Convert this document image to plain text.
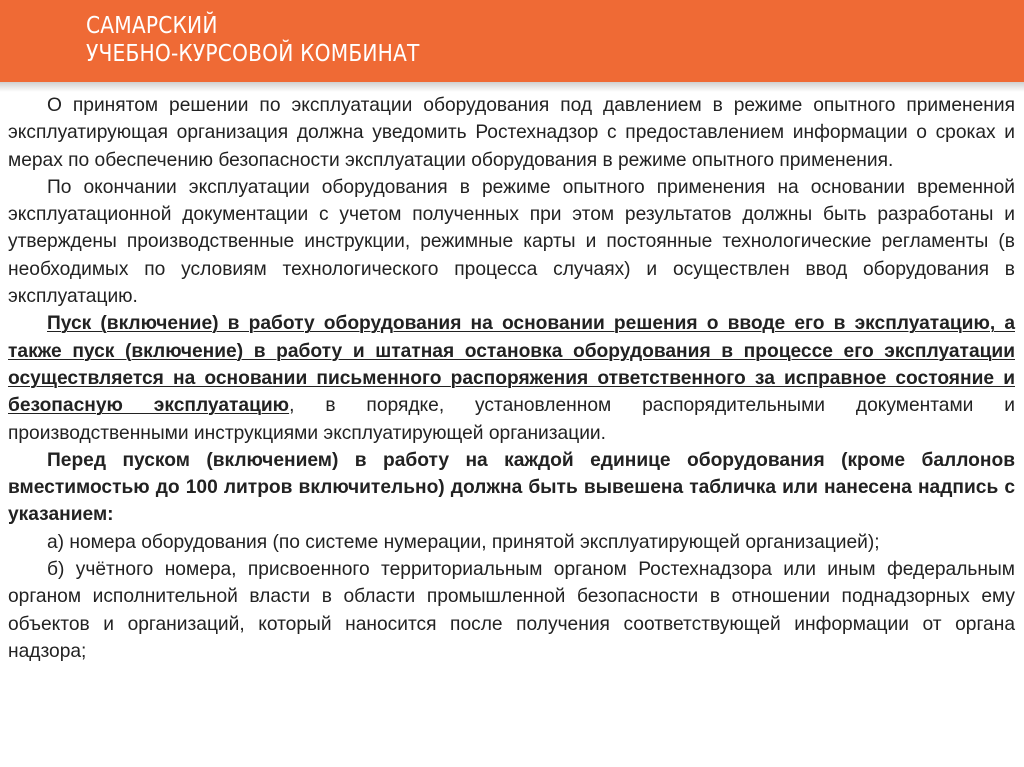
САМАРСКИЙ
УЧЕБНО-КУРСОВОЙ КОМБИНАТ

О принятом решении по эксплуатации оборудования под давлением в режиме опытного применения эксплуатирующая организация должна уведомить Ростехнадзор с предоставлением информации о сроках и мерах по обеспечению безопасности эксплуатации оборудования в режиме опытного применения.

По окончании эксплуатации оборудования в режиме опытного применения на основании временной эксплуатационной документации с учетом полученных при этом результатов должны быть разработаны и утверждены производственные инструкции, режимные карты и постоянные технологические регламенты (в необходимых по условиям технологического процесса случаях) и осуществлен ввод оборудования в эксплуатацию.

Пуск (включение) в работу оборудования на основании решения о вводе его в эксплуатацию, а также пуск (включение) в работу и штатная остановка оборудования в процессе его эксплуатации осуществляется на основании письменного распоряжения ответственного за исправное состояние и безопасную эксплуатацию, в порядке, установленном распорядительными документами и производственными инструкциями эксплуатирующей организации.

Перед пуском (включением) в работу на каждой единице оборудования (кроме баллонов вместимостью до 100 литров включительно) должна быть вывешена табличка или нанесена надпись с указанием:

а) номера оборудования (по системе нумерации, принятой эксплуатирующей организацией);

б) учётного номера, присвоенного территориальным органом Ростехнадзора или иным федеральным органом исполнительной власти в области промышленной безопасности в отношении поднадзорных ему объектов и организаций, который наносится после получения соответствующей информации от органа надзора;
